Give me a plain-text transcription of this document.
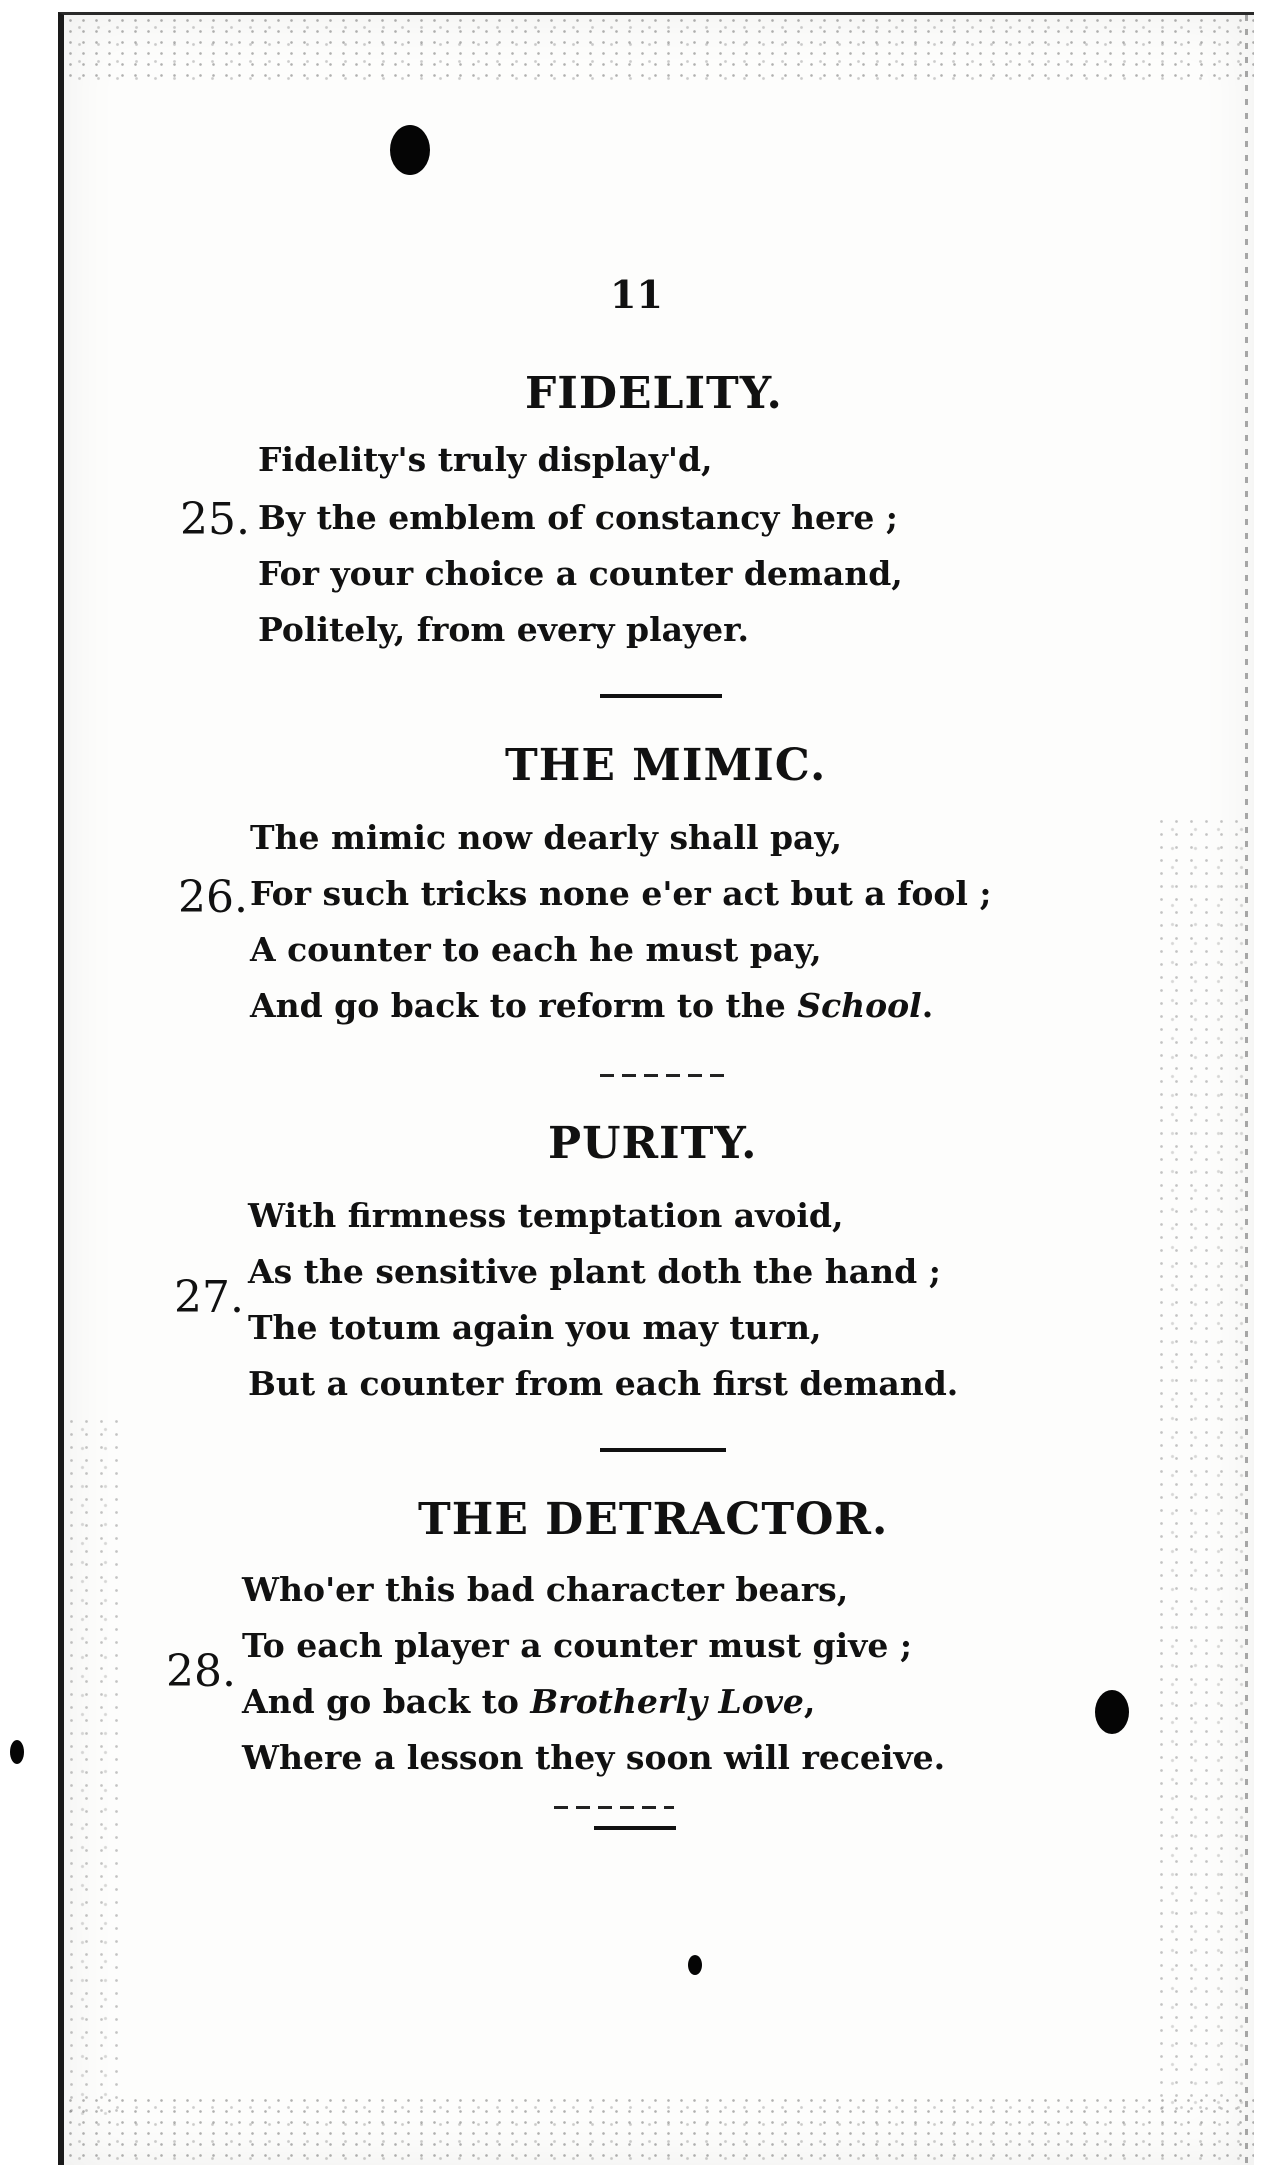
11
FIDELITY.
Fidelity's truly display'd,
25. By the emblem of constancy here ;
For your choice a counter demand,
Politely, from every player.
THE MIMIC.
The mimic now dearly shall pay,
26. For such tricks none e'er act but a fool ;
A counter to each he must pay,
And go back to reform to the School.
PURITY.
With firmness temptation avoid,
As the sensitive plant doth the hand ;
27.
The totum again you may turn,
But a counter from each first demand.
THE DETRACTOR.
Who'er this bad character bears,
To each player a counter must give ;
28.
And go back to Brotherly Love,
Where a lesson they soon will receive.
